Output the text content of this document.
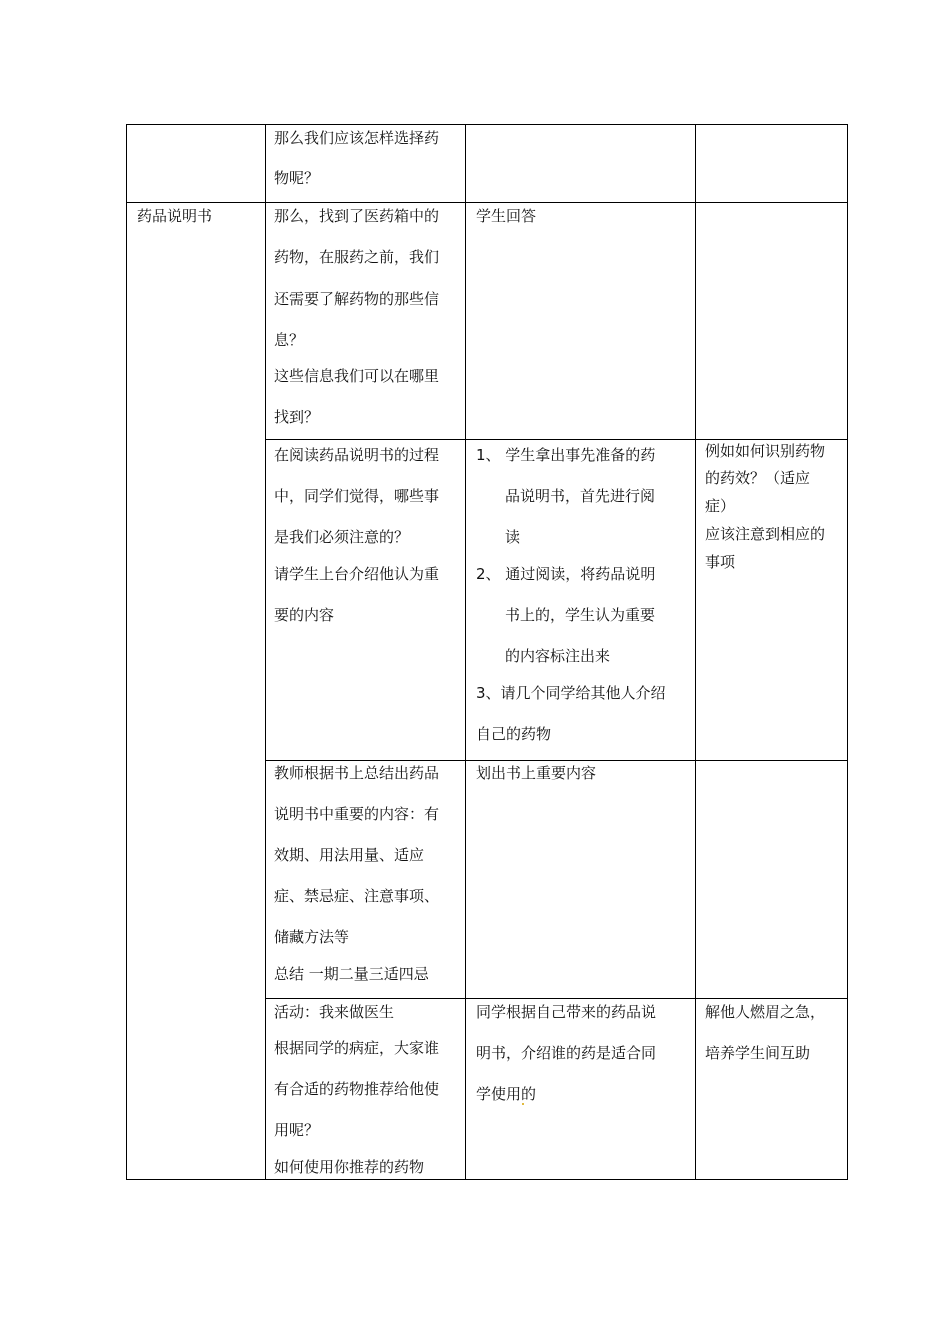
那么我们应该怎样选择药
物呢？
药品说明书	那么，找到了医药箱中的
药物，在服药之前，我们
还需要了解药物的那些信
息？
这些信息我们可以在哪里
找到？
学生回答
在阅读药品说明书的过程
中，同学们觉得，哪些事
是我们必须注意的？
请学生上台介绍他认为重
要的内容
1、 学生拿出事先准备的药
品说明书，首先进行阅
读
2、 通过阅读，将药品说明
书上的，学生认为重要
的内容标注出来
3、请几个同学给其他人介绍
自己的药物
例如如何识别药物
的药效？（适应
症）
应该注意到相应的
事项
教师根据书上总结出药品
说明书中重要的内容：有
效期、用法用量、适应
症、禁忌症、注意事项、
储藏方法等
总结 一期二量三适四忌
划出书上重要内容
活动：我来做医生
根据同学的病症，大家谁
有合适的药物推荐给他使
用呢？
如何使用你推荐的药物
同学根据自己带来的药品说
明书，介绍谁的药是适合同
学使用的
解他人燃眉之急，
培养学生间互助
